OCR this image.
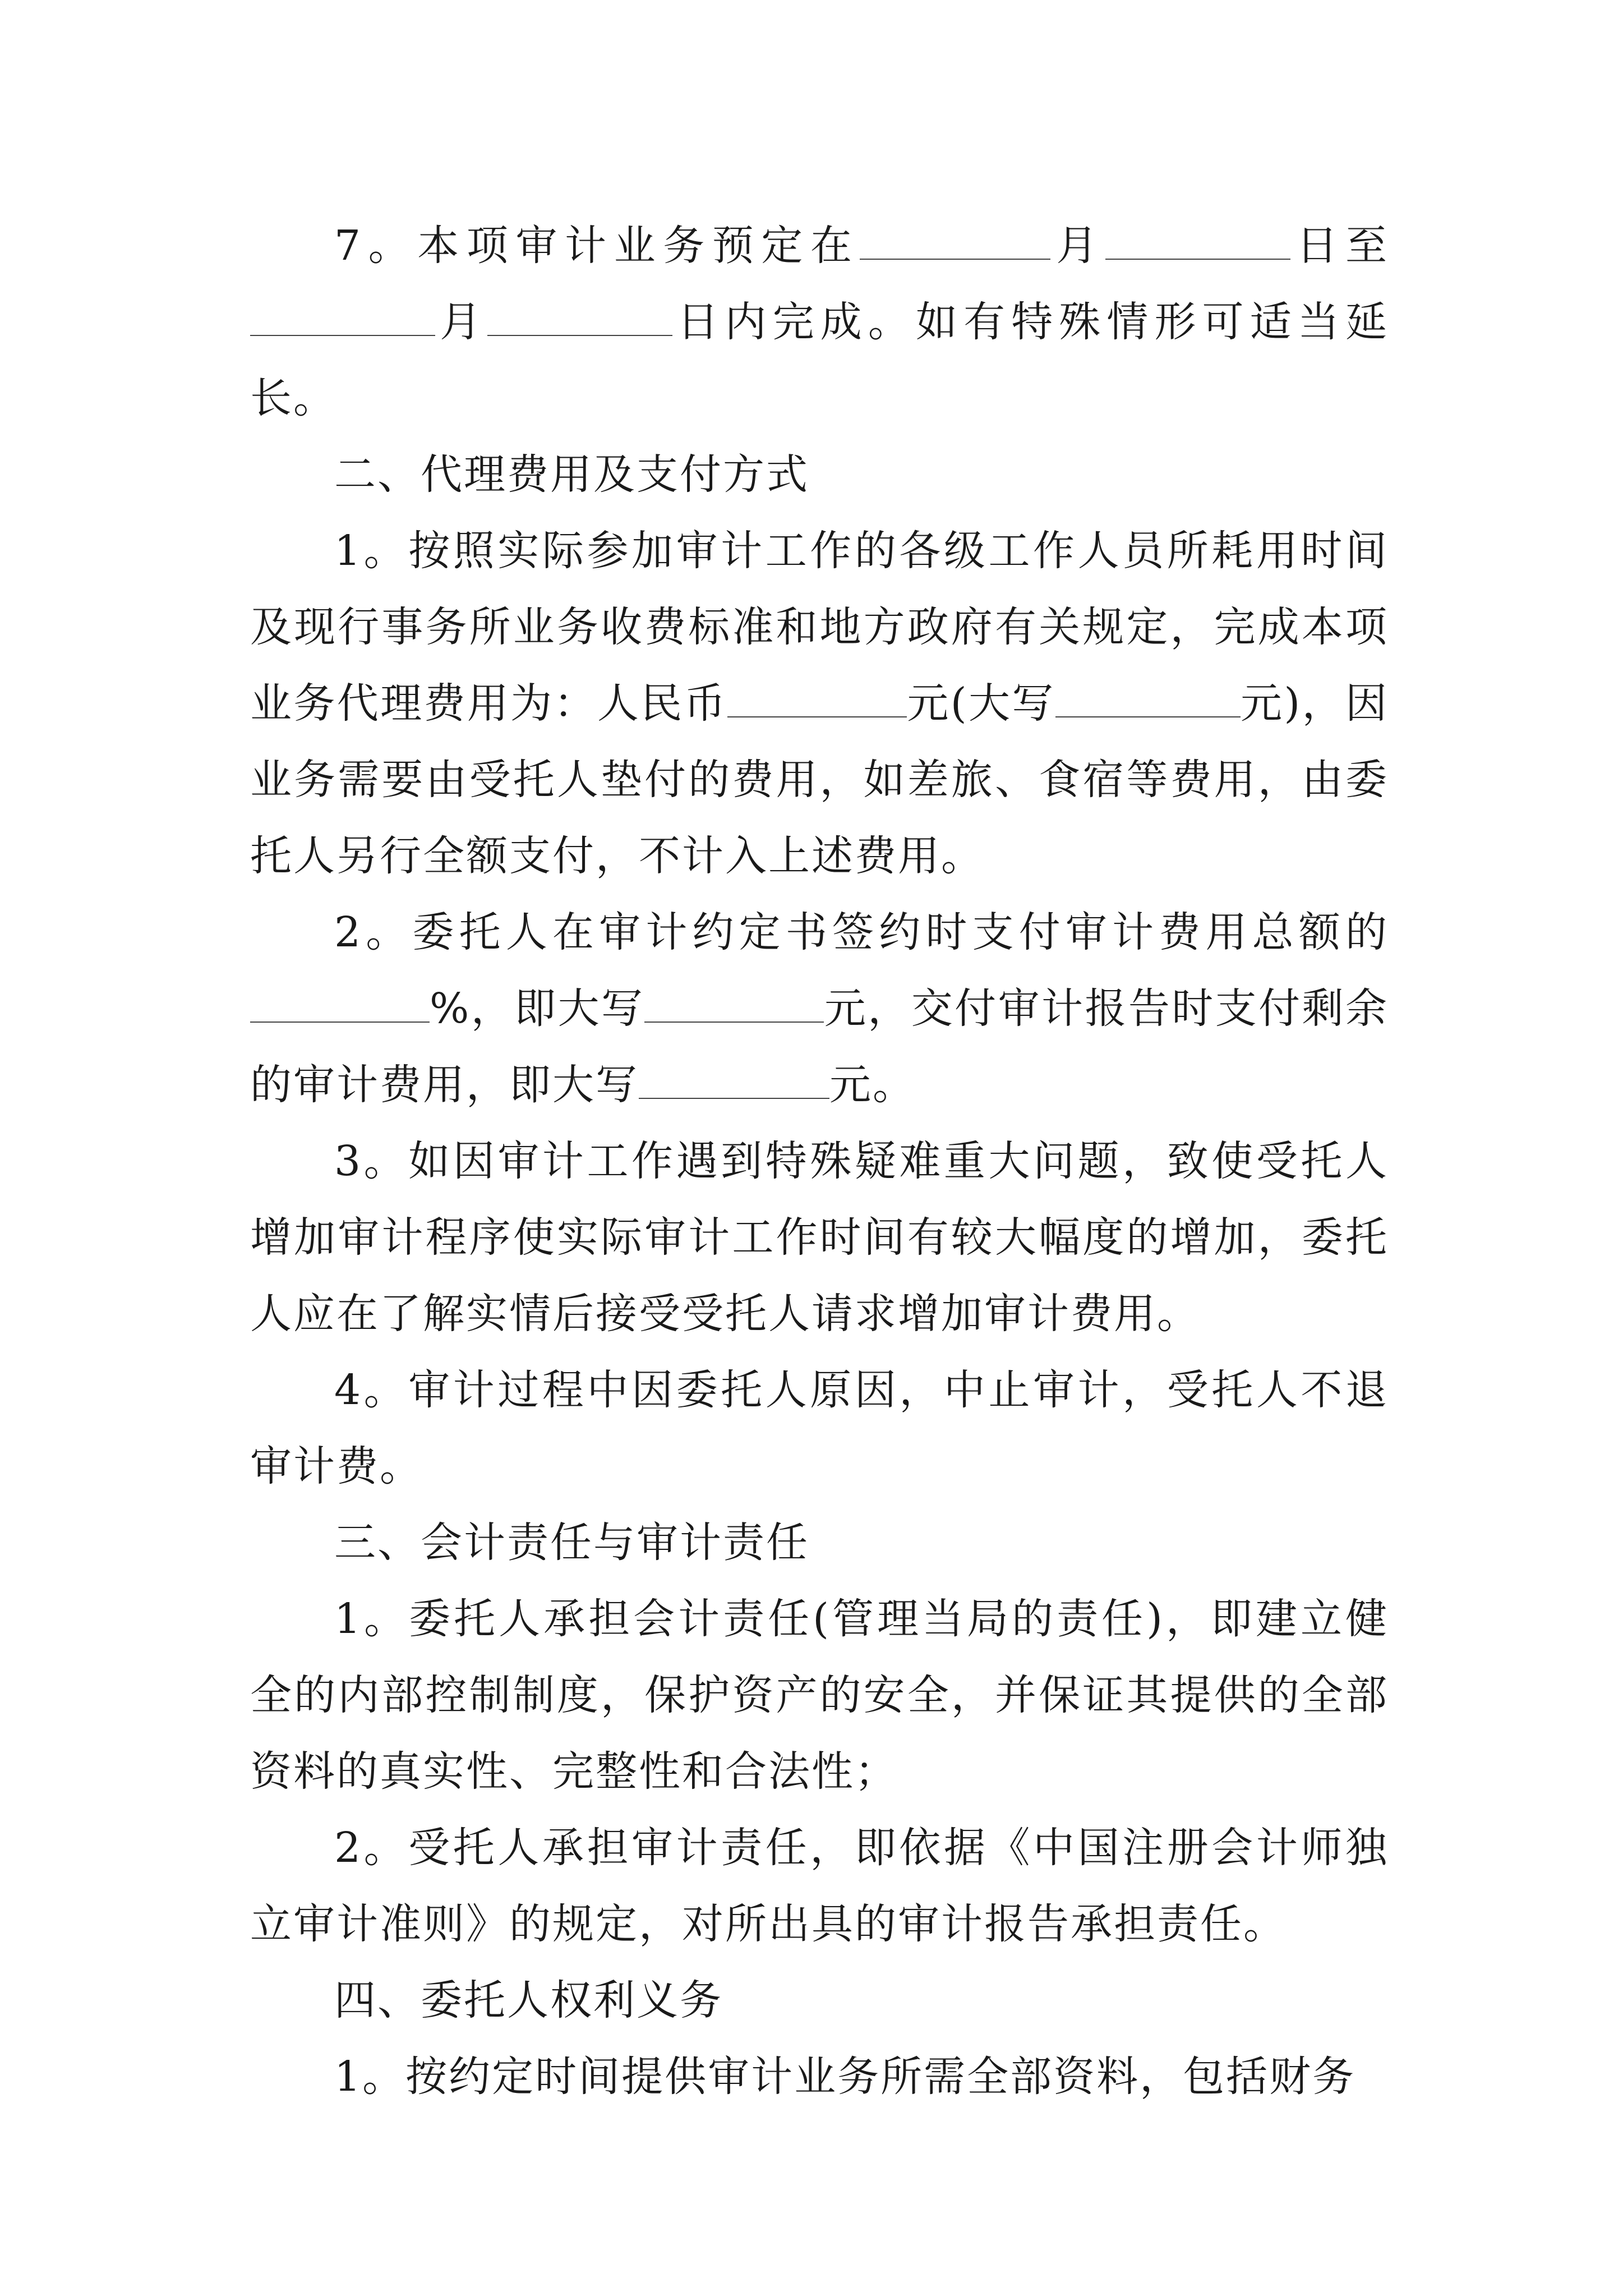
7。本项审计业务预定在	月	日至月	日内完成。如有特殊情形可适当延长。

二、代理费用及支付方式

1。按照实际参加审计工作的各级工作人员所耗用时间及现行事务所业务收费标准和地方政府有关规定，完成本项业务代理费用为：人民币	元(大写	元)，因业务需要由受托人垫付的费用，如差旅、食宿等费用，由委托人另行全额支付，不计入上述费用。

2。委托人在审计约定书签约时支付审计费用总额的%，即大写	元，交付审计报告时支付剩余的审计费用，即大写	元。

3。如因审计工作遇到特殊疑难重大问题，致使受托人增加审计程序使实际审计工作时间有较大幅度的增加，委托人应在了解实情后接受受托人请求增加审计费用。

4。审计过程中因委托人原因，中止审计，受托人不退审计费。

三、会计责任与审计责任

1。委托人承担会计责任(管理当局的责任)，即建立健全的内部控制制度，保护资产的安全，并保证其提供的全部资料的真实性、完整性和合法性；

2。受托人承担审计责任，即依据《中国注册会计师独立审计准则》的规定，对所出具的审计报告承担责任。

四、委托人权利义务

1。按约定时间提供审计业务所需全部资料，包括财务
